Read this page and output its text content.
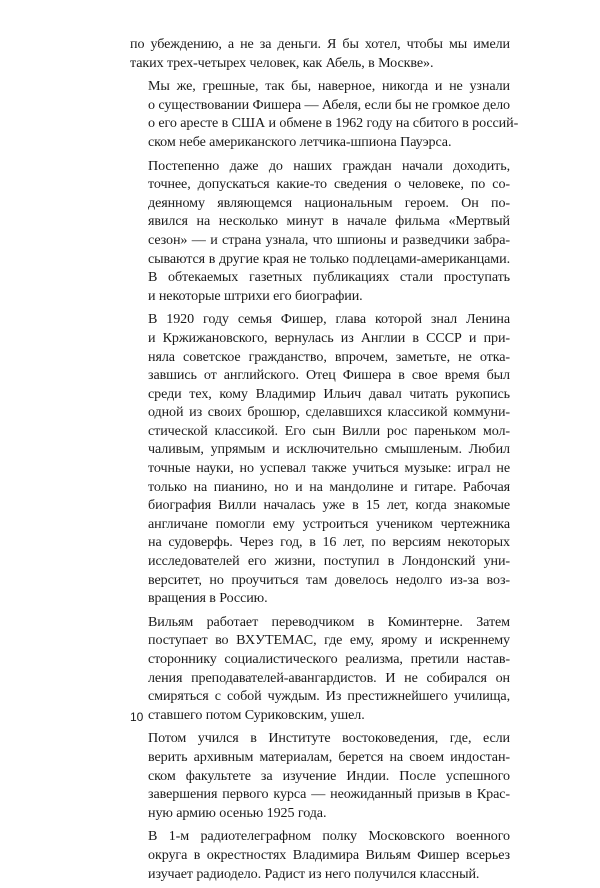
по убеждению, а не за деньги. Я бы хотел, чтобы мы имели
таких трех-четырех человек, как Абель, в Москве».
Мы же, грешные, так бы, наверное, никогда и не узнали
о существовании Фишера — Абеля, если бы не громкое дело
о его аресте в США и обмене в 1962 году на сбитого в россий-
ском небе американского летчика-шпиона Пауэрса.
Постепенно даже до наших граждан начали доходить,
точнее, допускаться какие-то сведения о человеке, по со-
деянному являющемся национальным героем. Он по-
явился на несколько минут в начале фильма «Мертвый
сезон» — и страна узнала, что шпионы и разведчики забра-
сываются в другие края не только подлецами-американцами.
В обтекаемых газетных публикациях стали проступать
и некоторые штрихи его биографии.
В 1920 году семья Фишер, глава которой знал Ленина
и Кржижановского, вернулась из Англии в СССР и при-
няла советское гражданство, впрочем, заметьте, не отка-
завшись от английского. Отец Фишера в свое время был
среди тех, кому Владимир Ильич давал читать рукопись
одной из своих брошюр, сделавшихся классикой коммуни-
стической классикой. Его сын Вилли рос пареньком мол-
чаливым, упрямым и исключительно смышленым. Любил
точные науки, но успевал также учиться музыке: играл не
только на пианино, но и на мандолине и гитаре. Рабочая
биография Вилли началась уже в 15 лет, когда знакомые
англичане помогли ему устроиться учеником чертежника
на судоверфь. Через год, в 16 лет, по версиям некоторых
исследователей его жизни, поступил в Лондонский уни-
верситет, но проучиться там довелось недолго из-за воз-
вращения в Россию.
Вильям работает переводчиком в Коминтерне. Затем
поступает во ВХУТЕМАС, где ему, яромy и искреннему
стороннику социалистического реализма, претили настав-
ления преподавателей-авангардистов. И не собирался он
смиряться с собой чуждым. Из престижнейшего училища,
ставшего потом Суриковским, ушел.
Потом учился в Институте востоковедения, где, если
верить архивным материалам, берется на своем индостан-
ском факультете за изучение Индии. После успешного
завершения первого курса — неожиданный призыв в Крас-
ную армию осенью 1925 года.
В 1-м радиотелеграфном полку Московского военного
округа в окрестностях Владимира Вильям Фишер всерьез
изучает радиодело. Радист из него получился классный.
10
